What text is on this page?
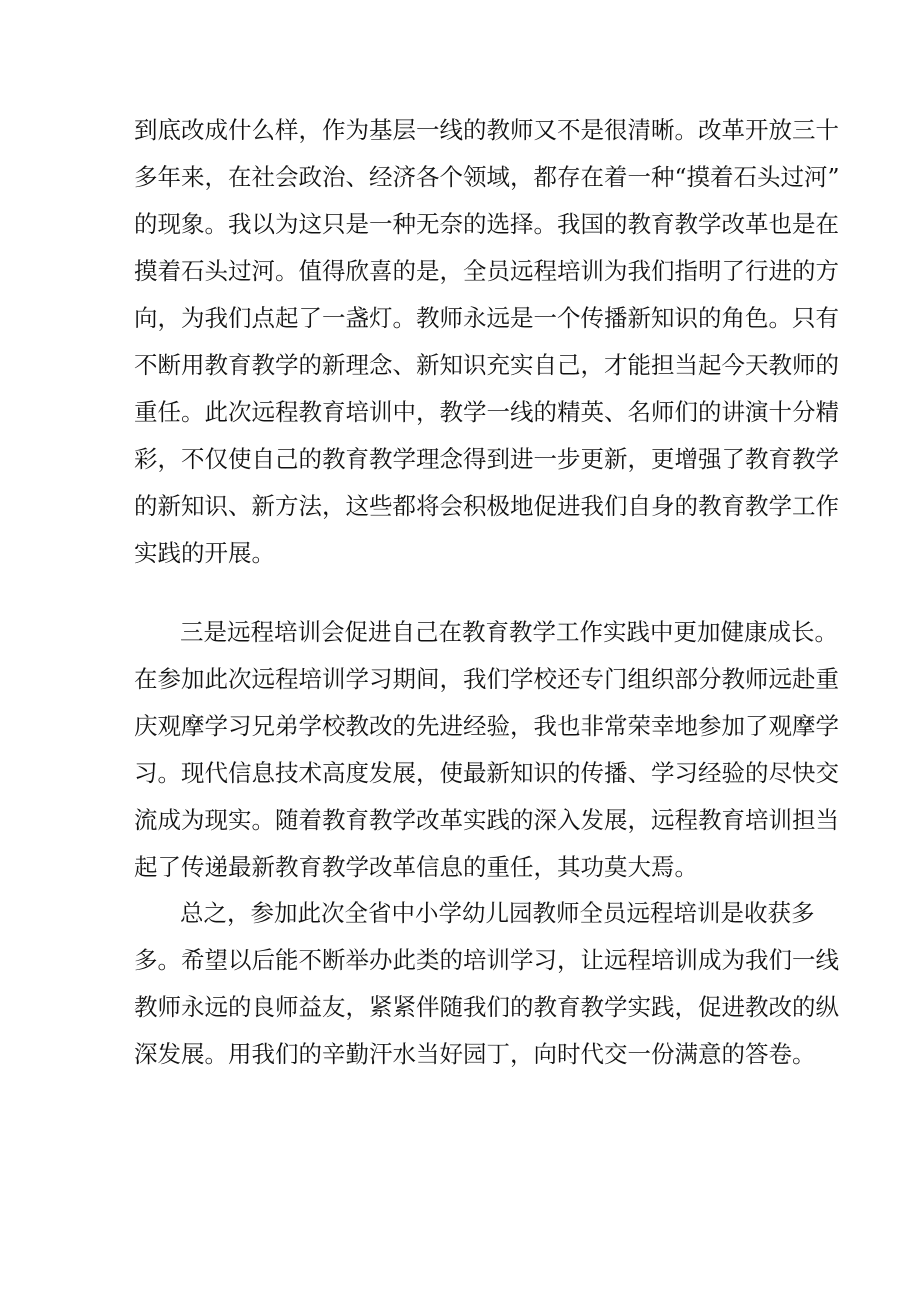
到底改成什么样，作为基层一线的教师又不是很清晰。改革开放三十
多年来，在社会政治、经济各个领域，都存在着一种“摸着石头过河”
的现象。我以为这只是一种无奈的选择。我国的教育教学改革也是在
摸着石头过河。值得欣喜的是，全员远程培训为我们指明了行进的方
向，为我们点起了一盏灯。教师永远是一个传播新知识的角色。只有
不断用教育教学的新理念、新知识充实自己，才能担当起今天教师的
重任。此次远程教育培训中，教学一线的精英、名师们的讲演十分精
彩，不仅使自己的教育教学理念得到进一步更新，更增强了教育教学
的新知识、新方法，这些都将会积极地促进我们自身的教育教学工作
实践的开展。
三是远程培训会促进自己在教育教学工作实践中更加健康成长。
在参加此次远程培训学习期间，我们学校还专门组织部分教师远赴重
庆观摩学习兄弟学校教改的先进经验，我也非常荣幸地参加了观摩学
习。现代信息技术高度发展，使最新知识的传播、学习经验的尽快交
流成为现实。随着教育教学改革实践的深入发展，远程教育培训担当
起了传递最新教育教学改革信息的重任，其功莫大焉。
总之，参加此次全省中小学幼儿园教师全员远程培训是收获多
多。希望以后能不断举办此类的培训学习，让远程培训成为我们一线
教师永远的良师益友，紧紧伴随我们的教育教学实践，促进教改的纵
深发展。用我们的辛勤汗水当好园丁，向时代交一份满意的答卷。
